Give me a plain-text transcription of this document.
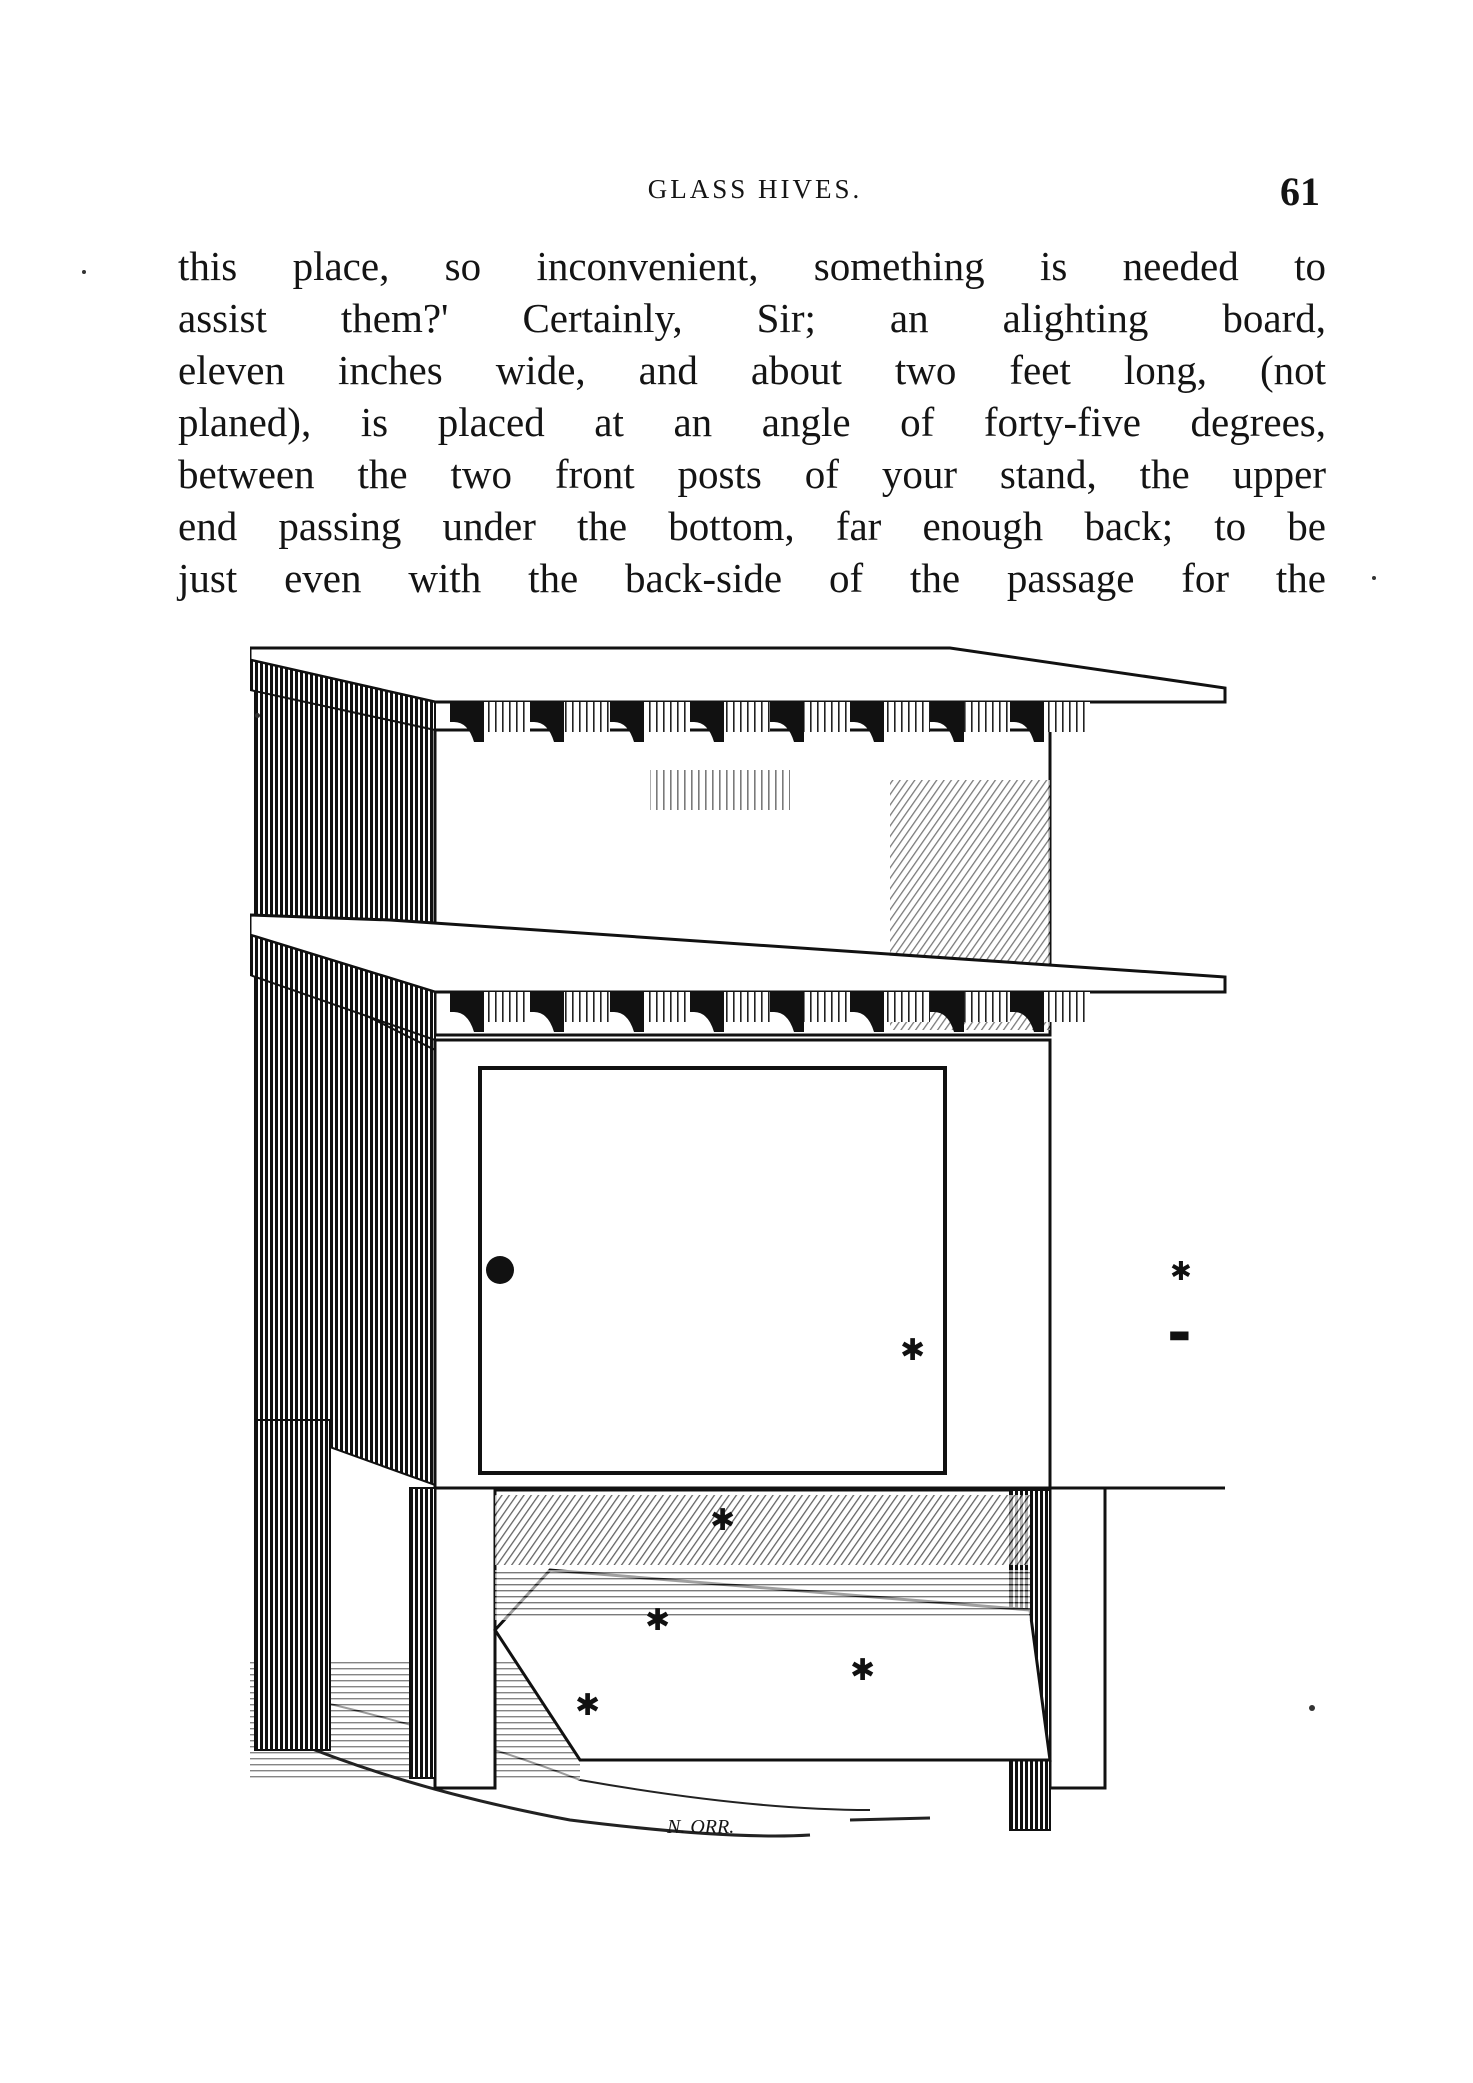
GLASS HIVES.	61
this place, so inconvenient, something is needed to
assist them?' Certainly, Sir; an alighting board,
eleven inches wide, and about two feet long, (not
planed), is placed at an angle of forty-five degrees,
between the two front posts of your stand, the upper
end passing under the bottom, far enough back; to be
just even with the back-side of the passage for the
✱
✱
✱
✱
✱
✱
▬
N. ORR.
